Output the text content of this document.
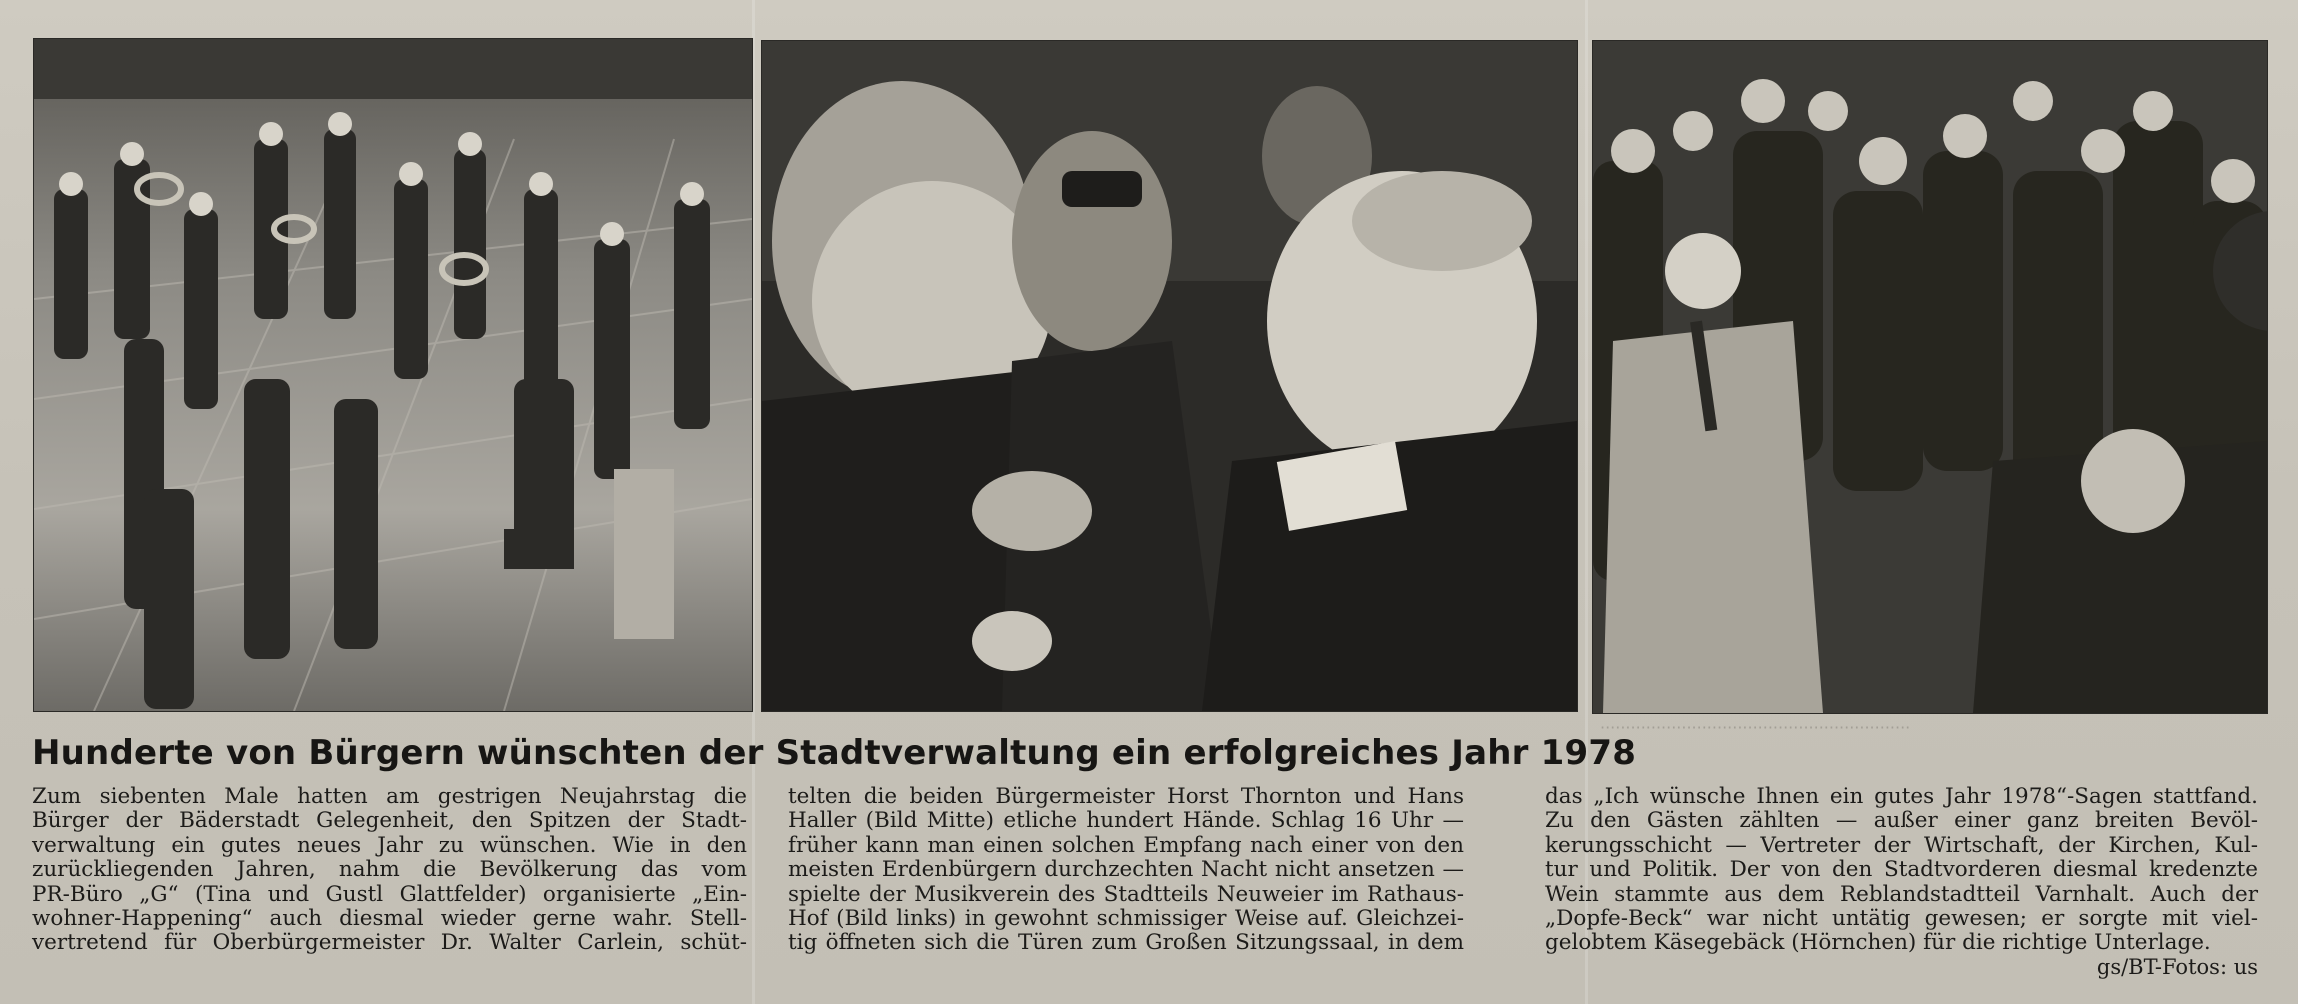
·····························································
Hunderte von Bürgern wünschten der Stadtverwaltung ein erfolgreiches Jahr 1978
Zum siebenten Male hatten am gestrigen Neujahrstag die
Bürger der Bäderstadt Gelegenheit, den Spitzen der Stadt-
verwaltung ein gutes neues Jahr zu wünschen. Wie in den
zurückliegenden Jahren, nahm die Bevölkerung das vom
PR-Büro „G“ (Tina und Gustl Glattfelder) organisierte „Ein-
wohner-Happening“ auch diesmal wieder gerne wahr. Stell-
vertretend für Oberbürgermeister Dr. Walter Carlein, schüt-
telten die beiden Bürgermeister Horst Thornton und Hans
Haller (Bild Mitte) etliche hundert Hände. Schlag 16 Uhr —
früher kann man einen solchen Empfang nach einer von den
meisten Erdenbürgern durchzechten Nacht nicht ansetzen —
spielte der Musikverein des Stadtteils Neuweier im Rathaus-
Hof (Bild links) in gewohnt schmissiger Weise auf. Gleichzei-
tig öffneten sich die Türen zum Großen Sitzungssaal, in dem
das „Ich wünsche Ihnen ein gutes Jahr 1978“-Sagen stattfand.
Zu den Gästen zählten — außer einer ganz breiten Bevöl-
kerungsschicht — Vertreter der Wirtschaft, der Kirchen, Kul-
tur und Politik. Der von den Stadtvorderen diesmal kredenzte
Wein stammte aus dem Reblandstadtteil Varnhalt. Auch der
„Dopfe-Beck“ war nicht untätig gewesen; er sorgte mit viel-
gelobtem Käsegebäck (Hörnchen) für die richtige Unterlage.
gs/BT-Fotos: us
